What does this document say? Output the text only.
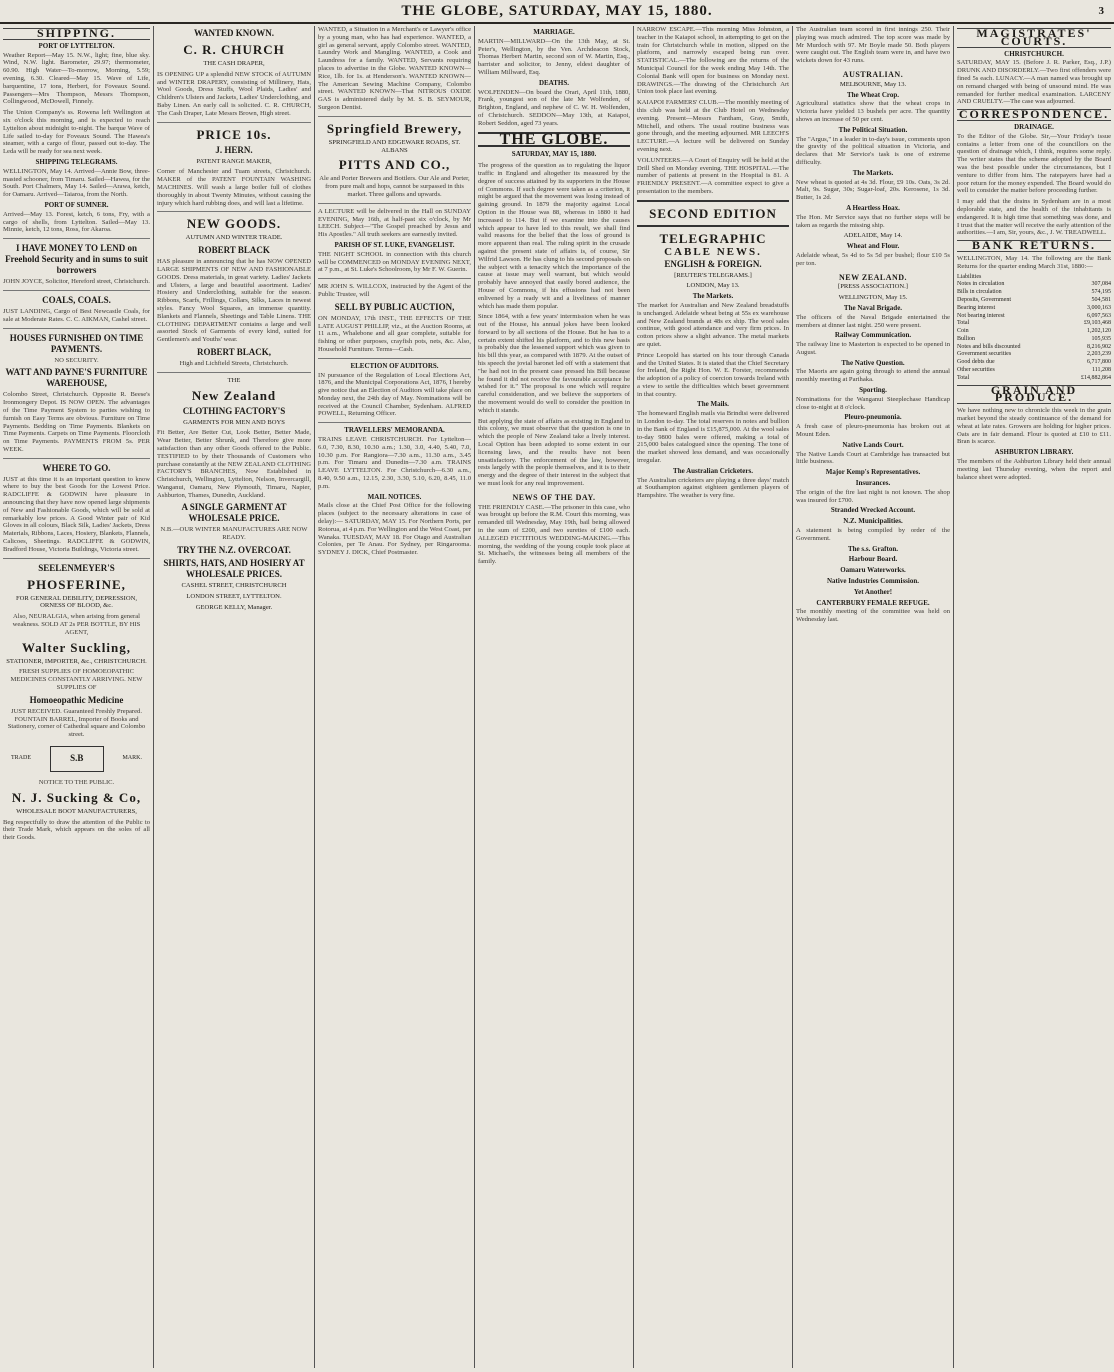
THE GLOBE, SATURDAY, MAY 15, 1880.	3
SHIPPING.
PORT OF LYTTELTON.

Weather Report—May 15. N.W., light; fine, blue sky. Wind, N.W. light. Barometer, 29.97; thermometer, 60.90. High Water—To-morrow, Morning, 5.59; evening, 6.30. Cleared—May 15. Wave of Life, barquentine, 17 tons, Herbert, for Foveaux Sound. Passengers—Mrs Thompson, Messrs Thompson, Collingwood, McDowell, Finnely.

The Union Company's ss. Rowena left Wellington at six o'clock this morning, and is expected to reach Lyttelton about midnight to-night. The barque Wave of Life sailed to-day for Foveaux Sound. The Hawea's steamer, with a cargo of flour, passed out to-day. The Leda will be ready for sea next week.

SHIPPING TELEGRAMS.

WELLINGTON, May 14. Arrived—Annie Bow, three-masted schooner, from Timaru. Sailed—Hawea, for the South. Port Chalmers, May 14. Sailed—Arawa, ketch, for Oamaru. Arrived—Taiaroa, from the North.

PORT OF SUMNER.

Arrived—May 13. Forest, ketch, 6 tons, Fry, with a cargo of shells, from Lyttelton. Sailed—May 13. Minnie, ketch, 12 tons, Ross, for Akaroa.

I HAVE MONEY TO LEND on Freehold Security and in sums to suit borrowers

JOHN JOYCE, Solicitor, Hereford street, Christchurch.

COALS, COALS.

JUST LANDING, Cargo of Best Newcastle Coals, for sale at Moderate Rates. C. C. AIKMAN, Cashel street.

HOUSES FURNISHED ON TIME PAYMENTS.

NO SECURITY.

WATT AND PAYNE'S FURNITURE WAREHOUSE,

Colombo Street, Christchurch. Opposite R. Beese's Ironmongery Depot. IS NOW OPEN. The advantages of the Time Payment System to parties wishing to furnish on Easy Terms are obvious. Furniture on Time Payments. Bedding on Time Payments. Blankets on Time Payments. Carpets on Time Payments. Floorcloth on Time Payments. PAYMENTS FROM 5s. PER WEEK.

WHERE TO GO.

JUST at this time it is an important question to know where to buy the best Goods for the Lowest Price. RADCLIFFE & GODWIN have pleasure in announcing that they have now opened large shipments of New and Fashionable Goods, which will be sold at remarkably low prices. A Good Winter pair of Kid Gloves in all colours, Black Silk, Ladies' Jackets, Dress Materials, Ribbons, Laces, Hosiery, Blankets, Flannels, Calicoes, Sheetings. RADCLIFFE & GODWIN, Bradford House, Victoria Buildings, Victoria street.

SEELENMEYER'S

PHOSFERINE,

FOR GENERAL DEBILITY, DEPRESSION, ORNESS OF BLOOD, &c.

Also, NEURALGIA, when arising from general weakness. SOLD AT 2s PER BOTTLE, BY HIS AGENT,

Walter Suckling,

STATIONER, IMPORTER, &c., CHRISTCHURCH.

FRESH SUPPLIES OF HOMOEOPATHIC MEDICINES CONSTANTLY ARRIVING. NEW SUPPLIES OF

Homoeopathic Medicine

JUST RECEIVED. Guaranteed Freshly Prepared. FOUNTAIN BARREL, Importer of Books and Stationery, corner of Cathedral square and Colombo street.

TRADE	S.B	MARK.

NOTICE TO THE PUBLIC.

N. J. Sucking & Co,

WHOLESALE BOOT MANUFACTURERS,

Beg respectfully to draw the attention of the Public to their Trade Mark, which appears on the soles of all their Goods.

WANTED KNOWN.

C. R. CHURCH

THE CASH DRAPER,

IS OPENING UP a splendid NEW STOCK of AUTUMN and WINTER DRAPERY, consisting of Millinery, Hats, Wool Goods, Dress Stuffs, Wool Plaids, Ladies' and Children's Ulsters and Jackets, Ladies' Underclothing, and Baby Linen. An early call is solicited. C. R. CHURCH, The Cash Draper, Late Messrs Brown, High street.

PRICE 10s.

J. HERN.

PATENT RANGE MAKER,

Corner of Manchester and Tuam streets, Christchurch. MAKER of the PATENT FOUNTAIN WASHING MACHINES. Will wash a large boiler full of clothes thoroughly in about Twenty Minutes, without causing the injury which hard rubbing does, and will last a lifetime.

NEW GOODS.

AUTUMN AND WINTER TRADE.

ROBERT BLACK

HAS pleasure in announcing that he has NOW OPENED LARGE SHIPMENTS OF NEW AND FASHIONABLE GOODS. Dress materials, in great variety. Ladies' Jackets and Ulsters, a large and beautiful assortment. Ladies' Hosiery and Underclothing, suitable for the season. Ribbons, Scarfs, Frillings, Collars, Silks, Laces in newest styles. Fancy Wool Squares, an immense quantity. Blankets and Flannels, Sheetings and Table Linens. THE CLOTHING DEPARTMENT contains a large and well assorted Stock of Garments of every kind, suited for Gentlemen's and Youths' wear.

ROBERT BLACK,

High and Lichfield Streets, Christchurch.

THE

New Zealand

CLOTHING FACTORY'S

GARMENTS FOR MEN AND BOYS

Fit Better, Are Better Cut, Look Better, Better Made, Wear Better, Better Shrunk, and Therefore give more satisfaction than any other Goods offered to the Public. TESTIFIED to by their Thousands of Customers who purchase constantly at the NEW ZEALAND CLOTHING FACTORY'S BRANCHES, Now Established in Christchurch, Wellington, Lyttelton, Nelson, Invercargill, Wanganui, Oamaru, New Plymouth, Timaru, Napier, Ashburton, Thames, Dunedin, Auckland.

A SINGLE GARMENT AT WHOLESALE PRICE.

N.B.—OUR WINTER MANUFACTURES ARE NOW READY.

TRY THE N.Z. OVERCOAT.

SHIRTS, HATS, AND HOSIERY AT WHOLESALE PRICES.

CASHEL STREET, CHRISTCHURCH

LONDON STREET, LYTTELTON.

GEORGE KELLY, Manager.

WANTED, a Situation in a Merchant's or Lawyer's office by a young man, who has had experience. WANTED, a girl as general servant, apply Colombo street. WANTED, Laundry Work and Mangling. WANTED, a Cook and Laundress for a family. WANTED, Servants requiring places to advertise in the Globe. WANTED KNOWN—Rice, 1lb. for 1s. at Henderson's. WANTED KNOWN—The American Sewing Machine Company, Colombo street. WANTED KNOWN—That NITROUS OXIDE GAS is administered daily by M. S. B. SEYMOUR, Surgeon Dentist.

Springfield Brewery,

SPRINGFIELD AND EDGEWARE ROADS, ST. ALBANS

PITTS AND CO.,

Ale and Porter Brewers and Bottlers. Our Ale and Porter, from pure malt and hops, cannot be surpassed in this market. Three gallons and upwards.

A LECTURE will be delivered in the Hall on SUNDAY EVENING, May 16th, at half-past six o'clock, by Mr LEECH. Subject—"The Gospel preached by Jesus and His Apostles." All truth seekers are earnestly invited.

PARISH OF ST. LUKE, EVANGELIST.

THE NIGHT SCHOOL in connection with this church will be COMMENCED on MONDAY EVENING NEXT, at 7 p.m., at St. Luke's Schoolroom, by Mr F. W. Guerin.

MR JOHN S. WILLCOX, instructed by the Agent of the Public Trustee, will

SELL BY PUBLIC AUCTION,

ON MONDAY, 17th INST., THE EFFECTS OF THE LATE AUGUST PHILLIP, viz., at the Auction Rooms, at 11 a.m., Whalebone and all gear complete, suitable for fishing or other purposes, crayfish pots, nets, &c. Also, Household Furniture. Terms—Cash.

ELECTION OF AUDITORS.

IN pursuance of the Regulation of Local Elections Act, 1876, and the Municipal Corporations Act, 1876, I hereby give notice that an Election of Auditors will take place on Monday next, the 24th day of May. Nominations will be received at the Council Chamber, Sydenham. ALFRED POWELL, Returning Officer.

TRAVELLERS' MEMORANDA.

TRAINS LEAVE CHRISTCHURCH. For Lyttelton—6.0, 7.30, 8.30, 10.30 a.m.; 1.30, 3.0, 4.40, 5.40, 7.0, 10.30 p.m. For Rangiora—7.30 a.m., 11.30 a.m., 3.45 p.m. For Timaru and Dunedin—7.30 a.m. TRAINS LEAVE LYTTELTON. For Christchurch—6.30 a.m., 8.40, 9.50 a.m., 12.15, 2.30, 3.30, 5.10, 6.20, 8.45, 11.0 p.m.

MAIL NOTICES.

Mails close at the Chief Post Office for the following places (subject to the necessary alterations in case of delay):— SATURDAY, MAY 15. For Northern Ports, per Rotorua, at 4 p.m. For Wellington and the West Coast, per Wanaka. TUESDAY, MAY 18. For Otago and Australian Colonies, per Te Anau. For Sydney, per Ringarooma. SYDNEY J. DICK, Chief Postmaster.

MARRIAGE.

MARTIN—MILLWARD—On the 13th May, at St. Peter's, Wellington, by the Ven. Archdeacon Stock, Thomas Herbert Martin, second son of W. Martin, Esq., barrister and solicitor, to Jenny, eldest daughter of William Millward, Esq.

DEATHS.

WOLFENDEN—On board the Orari, April 11th, 1880, Frank, youngest son of the late Mr Wolfenden, of Brighton, England, and nephew of C. W. H. Wolfenden, of Christchurch. SEDDON—May 13th, at Kaiapoi, Robert Seddon, aged 73 years.

THE GLOBE.
SATURDAY, MAY 15, 1880.

The progress of the question as to regulating the liquor traffic in England and altogether its measured by the degree of success attained by its supporters in the House of Commons. If such degree were taken as a criterion, it might be argued that the movement was losing instead of gaining ground. In 1879 the majority against Local Option in the House was 88, whereas in 1880 it had increased to 114. But if we examine into the causes which appear to have led to this result, we shall find valid reasons for the belief that the loss of ground is more apparent than real. The ruling spirit in the crusade against the present state of affairs is, of course, Sir Wilfrid Lawson. He has clung to his second proposals on the subject with a tenacity which the importance of the cause at issue may well warrant, but which would probably have annoyed that easily bored audience, the House of Commons, if his effusions had not been enlivened by a ready wit and a liveliness of manner which has made them popular.

Since 1864, with a few years' intermission when he was out of the House, his annual jokes have been looked forward to by all sections of the House. But he has to a certain extent shifted his platform, and to this new basis is probably due the lessened support which was given to his bill this year, as compared with 1879. At the outset of his speech the jovial baronet led off with a statement that "he had not in the present case pressed his Bill because he found it did not receive the favourable acceptance he wished for it." The proposal is one which will require careful consideration, and we believe the supporters of the movement would do well to consider the position in which it stands.

But applying the state of affairs as existing in England to this colony, we must observe that the question is one in which the people of New Zealand take a lively interest. Local Option has been adopted to some extent in our licensing laws, and the results have not been unsatisfactory. The enforcement of the law, however, rests largely with the people themselves, and it is to their energy and the degree of their interest in the subject that we must look for any real improvement.

NEWS OF THE DAY.

THE FRIENDLY CASE.—The prisoner in this case, who was brought up before the R.M. Court this morning, was remanded till Wednesday, May 19th, bail being allowed in the sum of £200, and two sureties of £100 each. ALLEGED FICTITIOUS WEDDING-MAKING.—This morning, the wedding of the young couple took place at St. Michael's, the witnesses being all members of the family.

NARROW ESCAPE.—This morning Miss Johnston, a teacher in the Kaiapoi school, in attempting to get on the train for Christchurch while in motion, slipped on the platform, and narrowly escaped being run over. STATISTICAL.—The following are the returns of the Municipal Council for the week ending May 14th. The Colonial Bank will open for business on Monday next. DRAWINGS.—The drawing of the Christchurch Art Union took place last evening.

KAIAPOI FARMERS' CLUB.—The monthly meeting of this club was held at the Club Hotel on Wednesday evening. Present—Messrs Fantham, Gray, Smith, Mitchell, and others. The usual routine business was gone through, and the meeting adjourned. MR LEECH'S LECTURE.—A lecture will be delivered on Sunday evening next.

VOLUNTEERS.—A Court of Enquiry will be held at the Drill Shed on Monday evening. THE HOSPITAL.—The number of patients at present in the Hospital is 81. A FRIENDLY PRESENT.—A committee expect to give a presentation to the members.

SECOND EDITION

TELEGRAPHIC

CABLE NEWS.

ENGLISH & FOREIGN.

[REUTER'S TELEGRAMS.]

LONDON, May 13.

The Markets.

The market for Australian and New Zealand breadstuffs is unchanged. Adelaide wheat being at 55s ex warehouse and New Zealand brands at 48s ex ship. The wool sales continue, with good attendance and very firm prices. In cotton prices show a slight advance. The metal markets are quiet.

Prince Leopold has started on his tour through Canada and the United States. It is stated that the Chief Secretary for Ireland, the Right Hon. W. E. Forster, recommends the adoption of a policy of coercion towards Ireland with a view to settle the difficulties which beset government in that country.

The Mails.

The homeward English mails via Brindisi were delivered in London to-day. The total reserves in notes and bullion in the Bank of England is £15,875,000. At the wool sales to-day 9800 bales were offered, making a total of 215,000 bales catalogued since the opening. The tone of the market showed less demand, and was occasionally irregular.

The Australian Cricketers.

The Australian cricketers are playing a three days' match at Southampton against eighteen gentlemen players of Hampshire. The weather is very fine.

The Australian team scored in first innings 250. Their playing was much admired. The top score was made by Mr Murdoch with 97. Mr Boyle made 50. Both players were caught out. The English team were in, and have two wickets down for 43 runs.

AUSTRALIAN.

MELBOURNE, May 13.

The Wheat Crop.

Agricultural statistics show that the wheat crops in Victoria have yielded 13 bushels per acre. The quantity shows an increase of 50 per cent.

The Political Situation.

The "Argus," in a leader in to-day's issue, comments upon the gravity of the political situation in Victoria, and declares that Mr Service's task is one of extreme difficulty.

The Markets.

New wheat is quoted at 4s 3d. Flour, £9 10s. Oats, 3s 2d. Malt, 9s. Sugar, 30s; Sugar-loaf, 20s. Kerosene, 1s 3d. Butter, 1s 2d.

A Heartless Hoax.

The Hon. Mr Service says that no further steps will be taken as regards the missing ship.

ADELAIDE, May 14.

Wheat and Flour.

Adelaide wheat, 5s 4d to 5s 5d per bushel; flour £10 5s per ton.

NEW ZEALAND.

[PRESS ASSOCIATION.]

WELLINGTON, May 15.

The Naval Brigade.

The officers of the Naval Brigade entertained the members at dinner last night. 250 were present.

Railway Communication.

The railway line to Masterton is expected to be opened in August.

The Native Question.

The Maoris are again going through to attend the annual monthly meeting at Parihaka.

Sporting.

Nominations for the Wanganui Steeplechase Handicap close to-night at 8 o'clock.

Pleuro-pneumonia.

A fresh case of pleuro-pneumonia has broken out at Mount Eden.

Native Lands Court.

The Native Lands Court at Cambridge has transacted but little business.

Major Kemp's Representatives.
Insurances.

The origin of the fire last night is not known. The shop was insured for £700.

Stranded Wrecked Account.
N.Z. Municipalities.

A statement is being compiled by order of the Government.

The s.s. Grafton.
Harbour Board.
Oamaru Waterworks.
Native Industries Commission.
Yet Another!
CANTERBURY FEMALE REFUGE.

The monthly meeting of the committee was held on Wednesday last.

MAGISTRATES' COURTS.
CHRISTCHURCH.

SATURDAY, MAY 15. (Before J. R. Parker, Esq., J.P.) DRUNK AND DISORDERLY.—Two first offenders were fined 5s each. LUNACY.—A man named was brought up on remand charged with being of unsound mind. He was remanded for further medical examination. LARCENY AND CRUELTY.—The case was adjourned.

CORRESPONDENCE.
DRAINAGE.

To the Editor of the Globe. Sir,—Your Friday's issue contains a letter from one of the councillors on the question of drainage which, I think, requires some reply. The writer states that the scheme adopted by the Board was the best possible under the circumstances, but I venture to differ from him. The ratepayers have had a poor return for the money expended. The Board would do well to consider the matter before proceeding further.

I may add that the drains in Sydenham are in a most deplorable state, and the health of the inhabitants is endangered. It is high time that something was done, and I trust that the matter will receive the early attention of the authorities.—I am, Sir, yours, &c., J. W. TREADWELL.

BANK RETURNS.

WELLINGTON, May 14. The following are the Bank Returns for the quarter ending March 31st, 1880:—

Liabilities	
Notes in circulation	307,084
Bills in circulation	574,195
Deposits, Government	504,581
Bearing interest	3,000,163
Not bearing interest	6,097,563
Total	£9,103,468
Coin	1,202,120
Bullion	105,935
Notes and bills discounted	8,216,902
Government securities	2,203,239
Good debts due	6,717,800
Other securities	111,208
Total	£14,882,864
GRAIN AND PRODUCE.

We have nothing new to chronicle this week in the grain market beyond the steady continuance of the demand for wheat at late rates. Growers are holding for higher prices. Oats are in fair demand. Flour is quoted at £10 to £11. Bran is scarce.

ASHBURTON LIBRARY.

The members of the Ashburton Library held their annual meeting last Thursday evening, when the report and balance sheet were adopted.
